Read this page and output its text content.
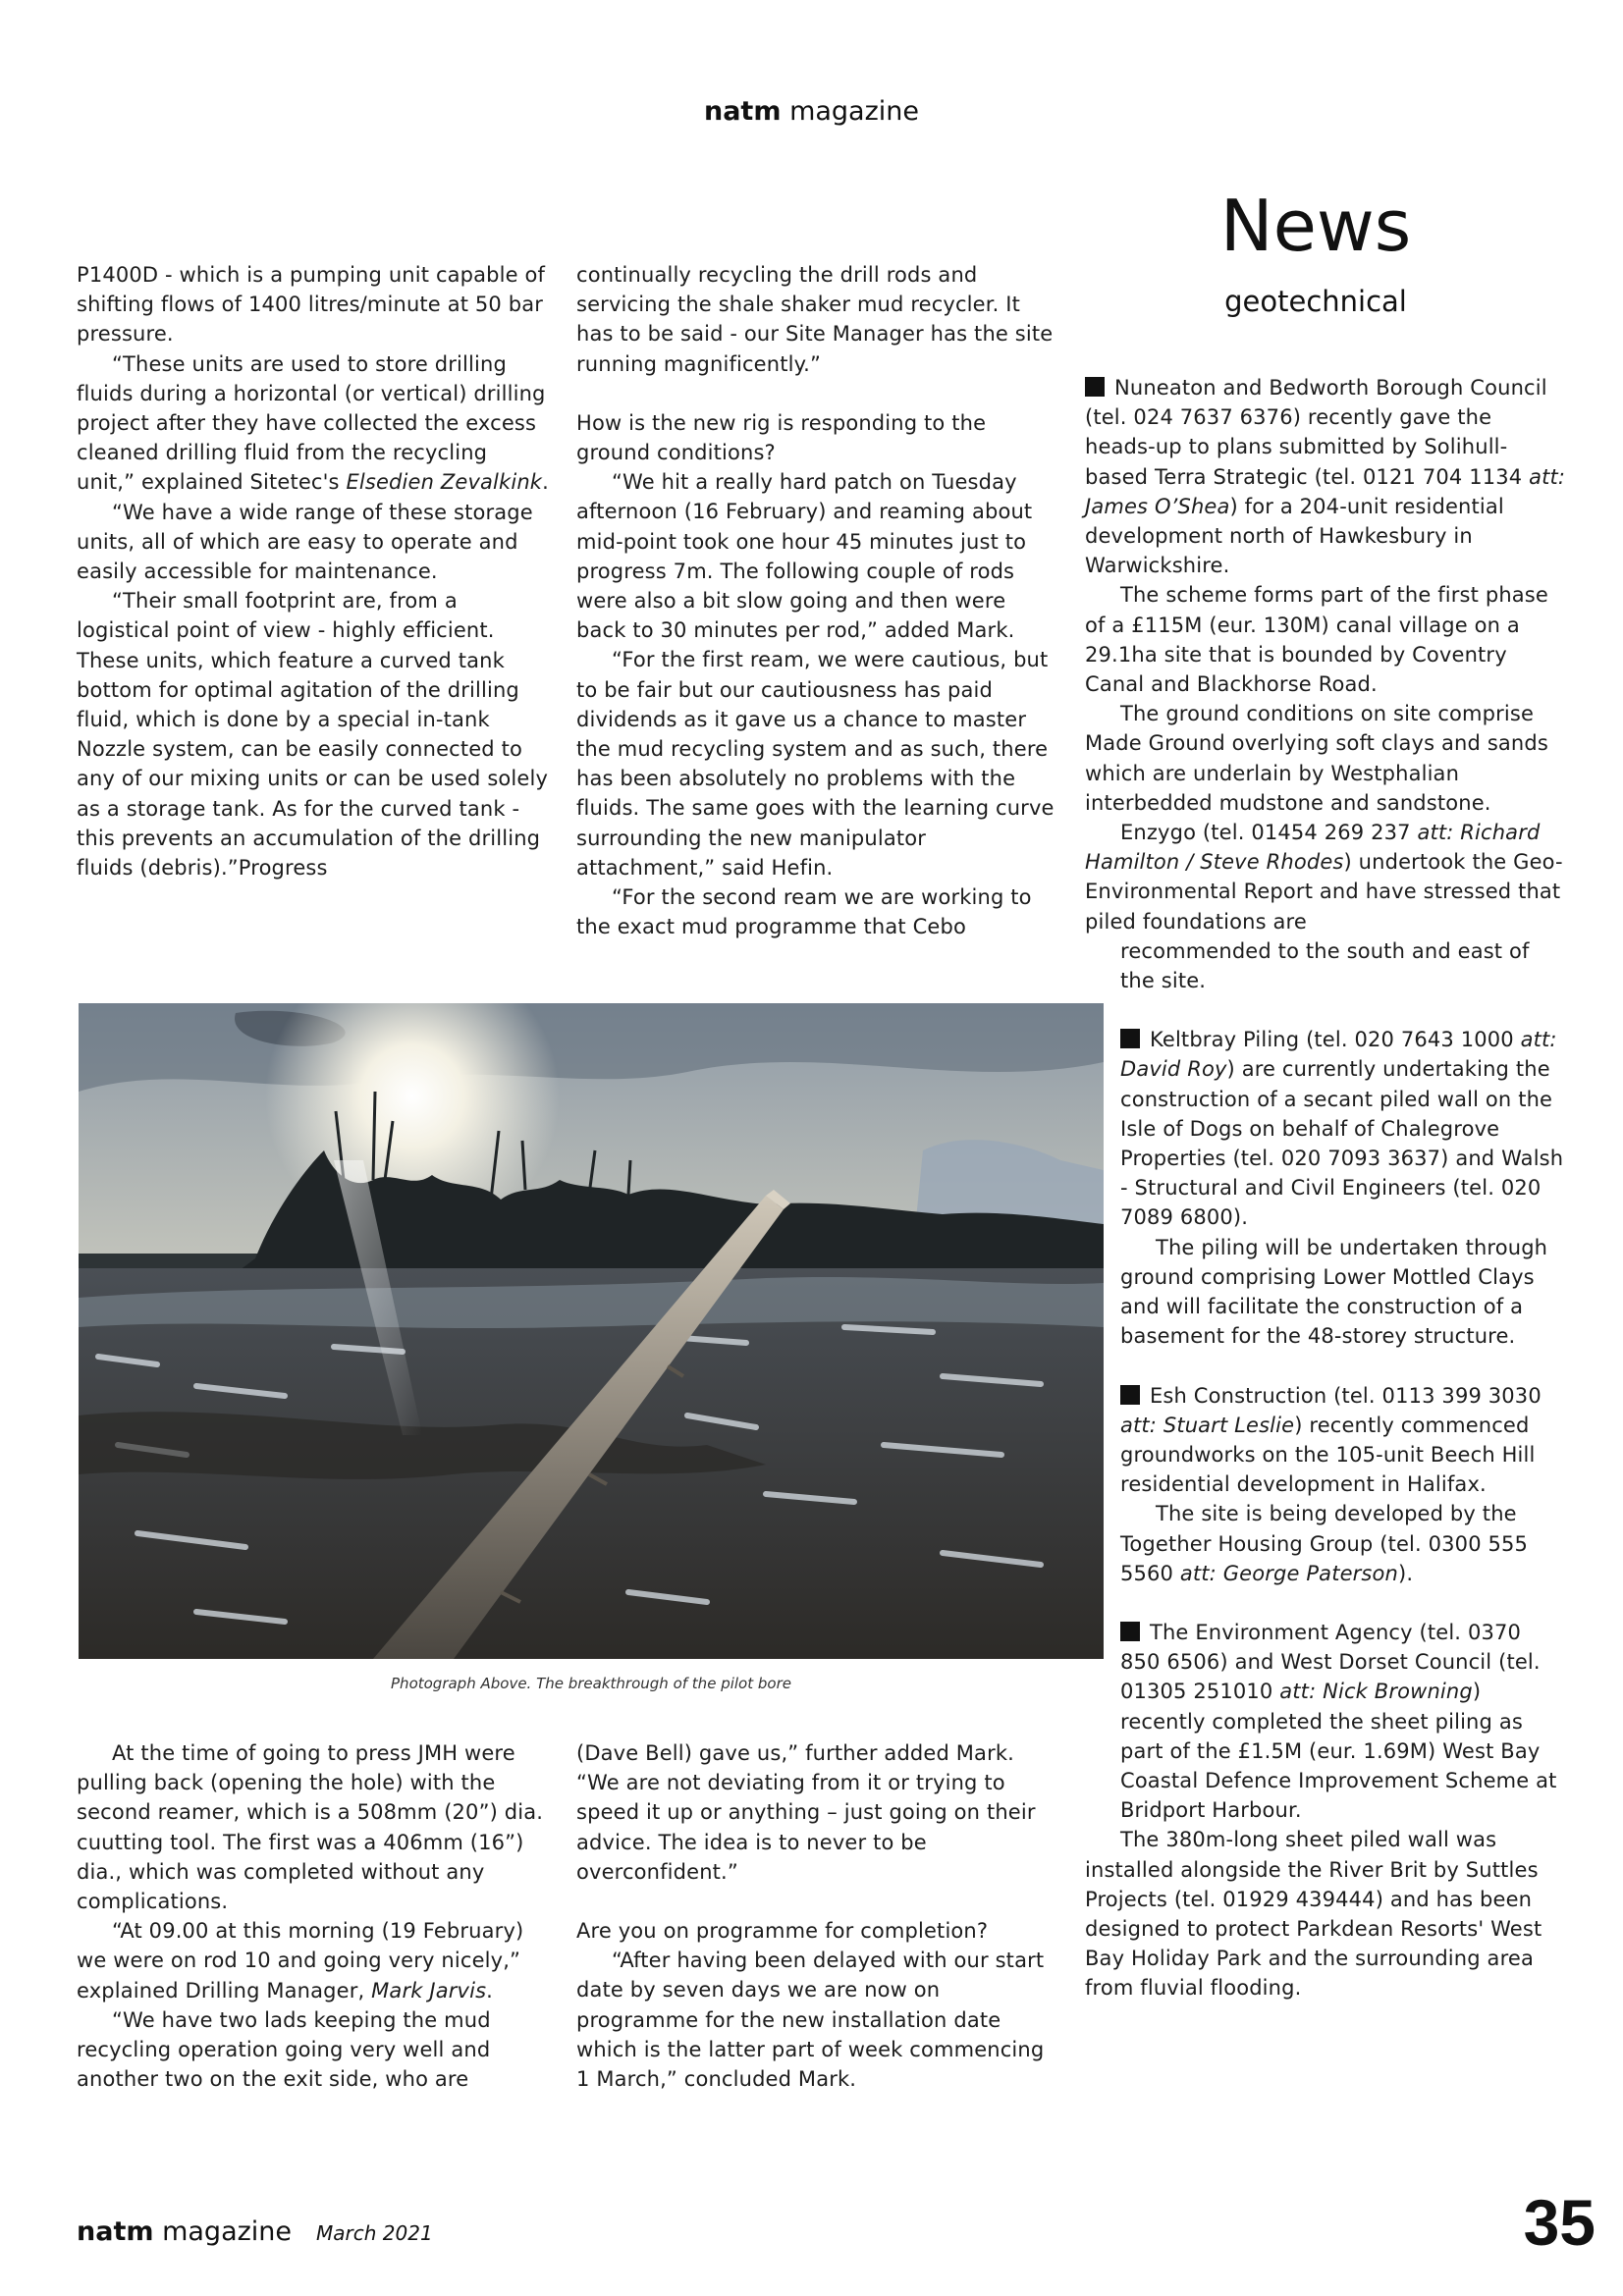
natm magazine

P1400D - which is a pumping unit capable of shifting flows of 1400 litres/minute at 50 bar pressure.

“These units are used to store drilling fluids during a horizontal (or vertical) drilling project after they have collected the excess cleaned drilling fluid from the recycling unit,” explained Sitetec's Elsedien Zevalkink.

“We have a wide range of these storage units, all of which are easy to operate and easily accessible for maintenance.

“Their small footprint are, from a logistical point of view - highly efficient. These units, which feature a curved tank bottom for optimal agitation of the drilling fluid, which is done by a special in-tank Nozzle system, can be easily connected to any of our mixing units or can be used solely as a storage tank. As for the curved tank - this prevents an accumulation of the drilling fluids (debris).”Progress

continually recycling the drill rods and servicing the shale shaker mud recycler. It has to be said - our Site Manager has the site running magnificently.”

How is the new rig is responding to the ground conditions?

“We hit a really hard patch on Tuesday afternoon (16 February) and reaming about mid-point took one hour 45 minutes just to progress 7m. The following couple of rods were also a bit slow going and then were back to 30 minutes per rod,” added Mark.

“For the first ream, we were cautious, but to be fair but our cautiousness has paid dividends as it gave us a chance to master the mud recycling system and as such, there has been absolutely no problems with the fluids. The same goes with the learning curve surrounding the new manipulator attachment,” said Hefin.

“For the second ream we are working to the exact mud programme that Cebo

News
geotechnical

Nuneaton and Bedworth Borough Council (tel. 024 7637 6376) recently gave the heads-up to plans submitted by Solihull-based Terra Strategic (tel. 0121 704 1134 att: James O’Shea) for a 204-unit residential development north of Hawkesbury in Warwickshire.

The scheme forms part of the first phase of a £115M (eur. 130M) canal village on a 29.1ha site that is bounded by Coventry Canal and Blackhorse Road.

The ground conditions on site comprise Made Ground overlying soft clays and sands which are underlain by Westphalian interbedded mudstone and sandstone.

Enzygo (tel. 01454 269 237 att: Richard Hamilton / Steve Rhodes) undertook the Geo-Environmental Report and have stressed that piled foundations are

recommended to the south and east of the site.

Keltbray Piling (tel. 020 7643 1000 att: David Roy) are currently undertaking the construction of a secant piled wall on the Isle of Dogs on behalf of Chalegrove Properties (tel. 020 7093 3637) and Walsh - Structural and Civil Engineers (tel. 020 7089 6800).

The piling will be undertaken through ground comprising Lower Mottled Clays and will facilitate the construction of a basement for the 48-storey structure.

Esh Construction (tel. 0113 399 3030 att: Stuart Leslie) recently commenced groundworks on the 105-unit Beech Hill residential development in Halifax.

The site is being developed by the Together Housing Group (tel. 0300 555 5560 att: George Paterson).

The Environment Agency (tel. 0370 850 6506) and West Dorset Council (tel. 01305 251010 att: Nick Browning) recently completed the sheet piling as part of the £1.5M (eur. 1.69M) West Bay Coastal Defence Improvement Scheme at Bridport Harbour.

The 380m-long sheet piled wall was installed alongside the River Brit by Suttles Projects (tel. 01929 439444) and has been designed to protect Parkdean Resorts' West Bay Holiday Park and the surrounding area from fluvial flooding.

Photograph Above. The breakthrough of the pilot bore

At the time of going to press JMH were pulling back (opening the hole) with the second reamer, which is a 508mm (20”) dia. cuutting tool. The first was a 406mm (16”) dia., which was completed without any complications.

“At 09.00 at this morning (19 February) we were on rod 10 and going very nicely,” explained Drilling Manager, Mark Jarvis.

“We have two lads keeping the mud recycling operation going very well and another two on the exit side, who are

(Dave Bell) gave us,” further added Mark. “We are not deviating from it or trying to speed it up or anything – just going on their advice. The idea is to never to be overconfident.”

Are you on programme for completion?

“After having been delayed with our start date by seven days we are now on programme for the new installation date which is the latter part of week commencing 1 March,” concluded Mark.

natm magazine March 2021	35
